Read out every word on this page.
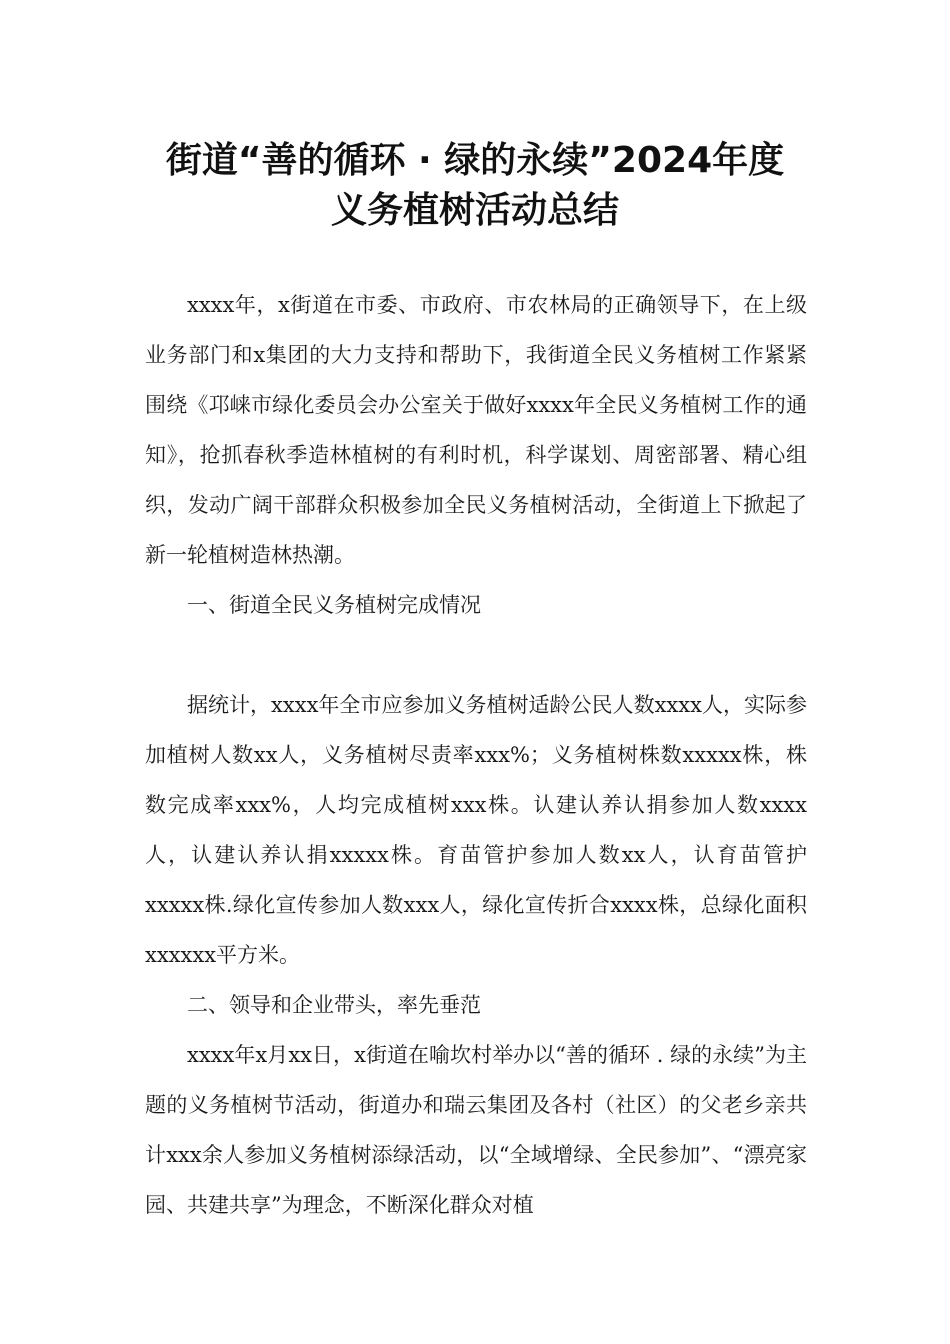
街道“善的循环 · 绿的永续”2024年度
义务植树活动总结

xxxx年，x街道在市委、市政府、市农林局的正确领导下，在上级业务部门和x集团的大力支持和帮助下，我街道全民义务植树工作紧紧围绕《邛崃市绿化委员会办公室关于做好xxxx年全民义务植树工作的通知》，抢抓春秋季造林植树的有利时机，科学谋划、周密部署、精心组织，发动广阔干部群众积极参加全民义务植树活动，全街道上下掀起了新一轮植树造林热潮。

一、街道全民义务植树完成情况

据统计，xxxx年全市应参加义务植树适龄公民人数xxxx人，实际参加植树人数xx人，义务植树尽责率xxx%；义务植树株数xxxxx株，株数完成率xxx%，人均完成植树xxx株。认建认养认捐参加人数xxxx人，认建认养认捐xxxxx株。育苗管护参加人数xx人，认育苗管护xxxxx株.绿化宣传参加人数xxx人，绿化宣传折合xxxx株，总绿化面积xxxxxx平方米。

二、领导和企业带头，率先垂范

xxxx年x月xx日，x街道在喻坎村举办以“善的循环 . 绿的永续”为主题的义务植树节活动，街道办和瑞云集团及各村（社区）的父老乡亲共计xxx余人参加义务植树添绿活动，以“全域增绿、全民参加”、“漂亮家园、共建共享”为理念，不断深化群众对植
